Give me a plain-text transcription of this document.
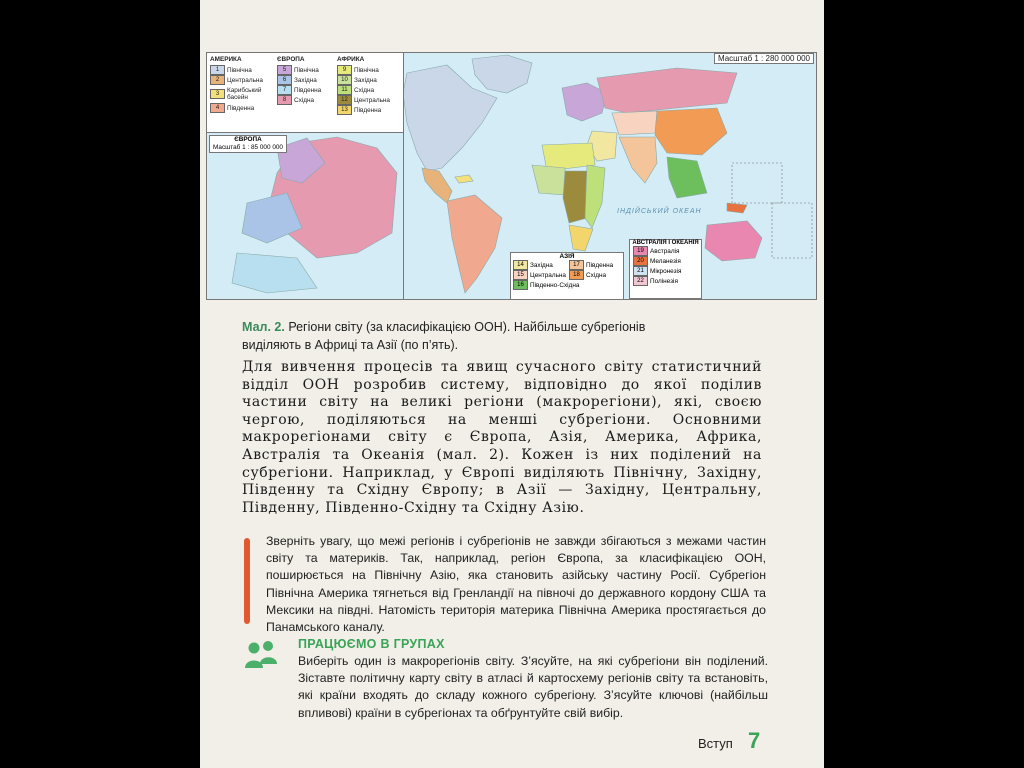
Масштаб 1 : 280 000 000
АМЕРИКА
1	Північна
2	Центральна
3	Карибський басейн
4	Південна
ЄВРОПА
5	Північна
6	Західна
7	Південна
8	Східна
АФРИКА
9	Північна
10 Західна
11 Східна
12 Центральна
13 Південна
ЄВРОПА
Масштаб 1 : 85 000 000
ІНДІЙСЬКИЙ ОКЕАН
АЗІЯ
14 Західна	17 Південна
15 Центральна	18 Східна
16 Південно-Східна
АВСТРАЛІЯ І ОКЕАНІЯ
19 Австралія
20 Меланезія
21 Мікронезія
22 Полінезія
Мал. 2. Регіони світу (за класифікацією ООН). Найбільше субрегіонів виділяють в Африці та Азії (по п’ять).
Для вивчення процесів та явищ сучасного світу статистичний відділ ООН розробив систему, відповідно до якої поділив частини світу на великі регіони (макрорегіони), які, своєю чергою, поділяються на менші субрегіони. Основними макрорегіонами світу є Європа, Азія, Америка, Африка, Австралія та Океанія (мал. 2). Кожен із них поділений на субрегіони. Наприклад, у Європі виділяють Північну, Західну, Південну та Східну Європу; в Азії — Західну, Центральну, Південну, Південно-Східну та Східну Азію.
Зверніть увагу, що межі регіонів і субрегіонів не завжди збігаються з межами частин світу та материків. Так, наприклад, регіон Європа, за класифікацією ООН, поширюється на Північну Азію, яка становить азійську частину Росії. Субрегіон Північна Америка тягнеться від Гренландії на півночі до державного кордону США та Мексики на півдні. Натомість територія материка Північна Америка простягається до Панамського каналу.
ПРАЦЮЄМО В ГРУПАХ
Виберіть один із макрорегіонів світу. З’ясуйте, на які субрегіони він поділений. Зіставте політичну карту світу в атласі й картосхему регіонів світу та встановіть, які країни входять до складу кожного субрегіону. З’ясуйте ключові (найбільш впливові) країни в субрегіонах та обґрунтуйте свій вибір.
Вступ 7
